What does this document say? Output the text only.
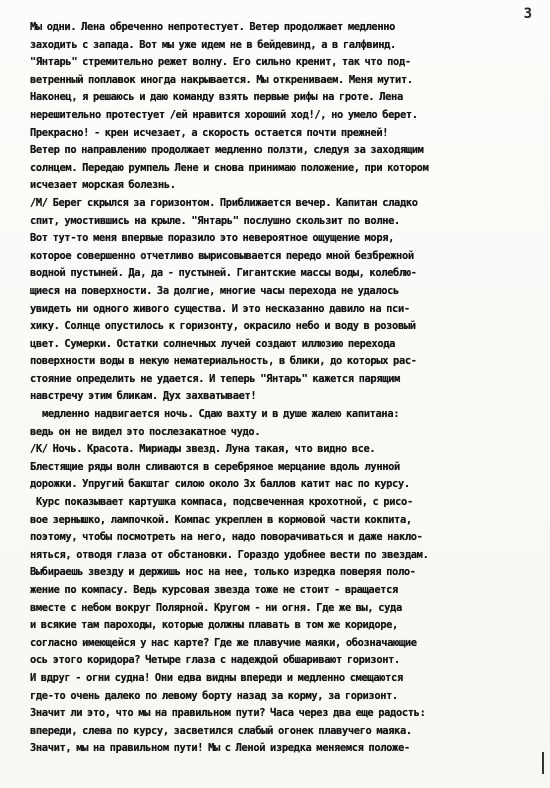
3
Мы одни. Лена обреченно непротестует. Ветер продолжает медленно
заходить с запада. Вот мы уже идем не в бейдевинд, а в галфвинд.
"Янтарь" стремительно режет волну. Его сильно кренит, так что под-
ветренный поплавок иногда накрывается. Мы откренивaем. Меня мутит.
Наконец, я решаюсь и даю команду взять первые рифы на гроте. Лена
нерешительно протестует /ей нравится хороший ход!/, но умело берет.
Прекрасно! - крен исчезает, а скорость остается почти прежней!
Ветер по направлению продолжает медленно ползти, следуя за заходящим
солнцем. Передаю румпель Лене и снова принимаю положение, при котором
исчезает морская болезнь.
/М/ Берег скрылся за горизонтом. Приближается вечер. Капитан сладко
спит, умостившись на крыле. "Янтарь" послушно скользит по волне.
Вот тут-то меня впервые поразило это невероятное ощущение моря,
которое совершенно отчетливо вырисовывается передо мной безбрежной
водной пустыней. Да, да - пустыней. Гигантские массы воды, колеблю-
щиеся на поверхности. За долгие, многие часы перехода не удалось
увидеть ни одного живого существа. И это несказанно давило на пси-
хику. Солнце опустилось к горизонту, окрасило небо и воду в розовый
цвет. Сумерки. Остатки солнечных лучей создают иллюзию перехода
поверхности воды в некую нематериальность, в блики, до которых рас-
стояние определить не удается. И теперь "Янтарь" кажется парящим
навстречу этим бликам. Дух захватывает!
медленно надвигается ночь. Сдаю вахту и в душе жалею капитана:
ведь он не видел это послезакатное чудо.
/К/ Ночь. Красота. Мириады звезд. Луна такая, что видно все.
Блестящие ряды волн сливаются в серебряное мерцание вдоль лунной
дорожки. Упругий бакштаг силою около 3х баллов катит нас по курсу.
Курс показывает картушка компаса, подсвеченная крохотной, с рисо-
вое зернышко, лампочкой. Компас укреплен в кормовой части кокпита,
поэтому, чтобы посмотреть на него, надо поворачиваться и даже накло-
няться, отводя глаза от обстановки. Гораздо удобнее вести по звездам.
Выбираешь звезду и держишь нос на нее, только изредка поверяя поло-
жение по компасу. Ведь курсовая звезда тоже не стоит - вращается
вместе с небом вокруг Полярной. Кругом - ни огня. Где же вы, суда
и всякие там пароходы, которые должны плавать в том же коридоре,
согласно имеющейся у нас карте? Где же плавучие маяки, обозначающие
ось этого коридора? Четыре глаза с надеждой обшаривают горизонт.
И вдруг - огни судна! Они едва видны впереди и медленно смещаются
где-то очень далеко по левому борту назад за корму, за горизонт.
Значит ли это, что мы на правильном пути? Часа через два еще радость:
впереди, слева по курсу, засветился слабый огонек плавучего маяка.
Значит, мы на правильном пути! Мы с Леной изредка меняемся положе-
